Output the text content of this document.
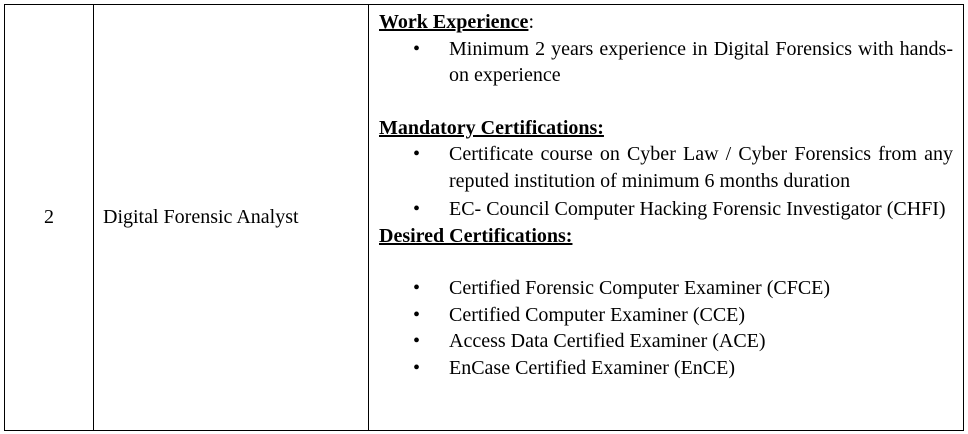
2	Digital Forensic Analyst	
Work Experience:
• Minimum 2 years experience in Digital Forensics with hands-on experience
Mandatory Certifications:
• Certificate course on Cyber Law / Cyber Forensics from any reputed institution of minimum 6 months duration
• EC- Council Computer Hacking Forensic Investigator (CHFI)
Desired Certifications:
• Certified Forensic Computer Examiner (CFCE)
• Certified Computer Examiner (CCE)
• Access Data Certified Examiner (ACE)
• EnCase Certified Examiner (EnCE)
